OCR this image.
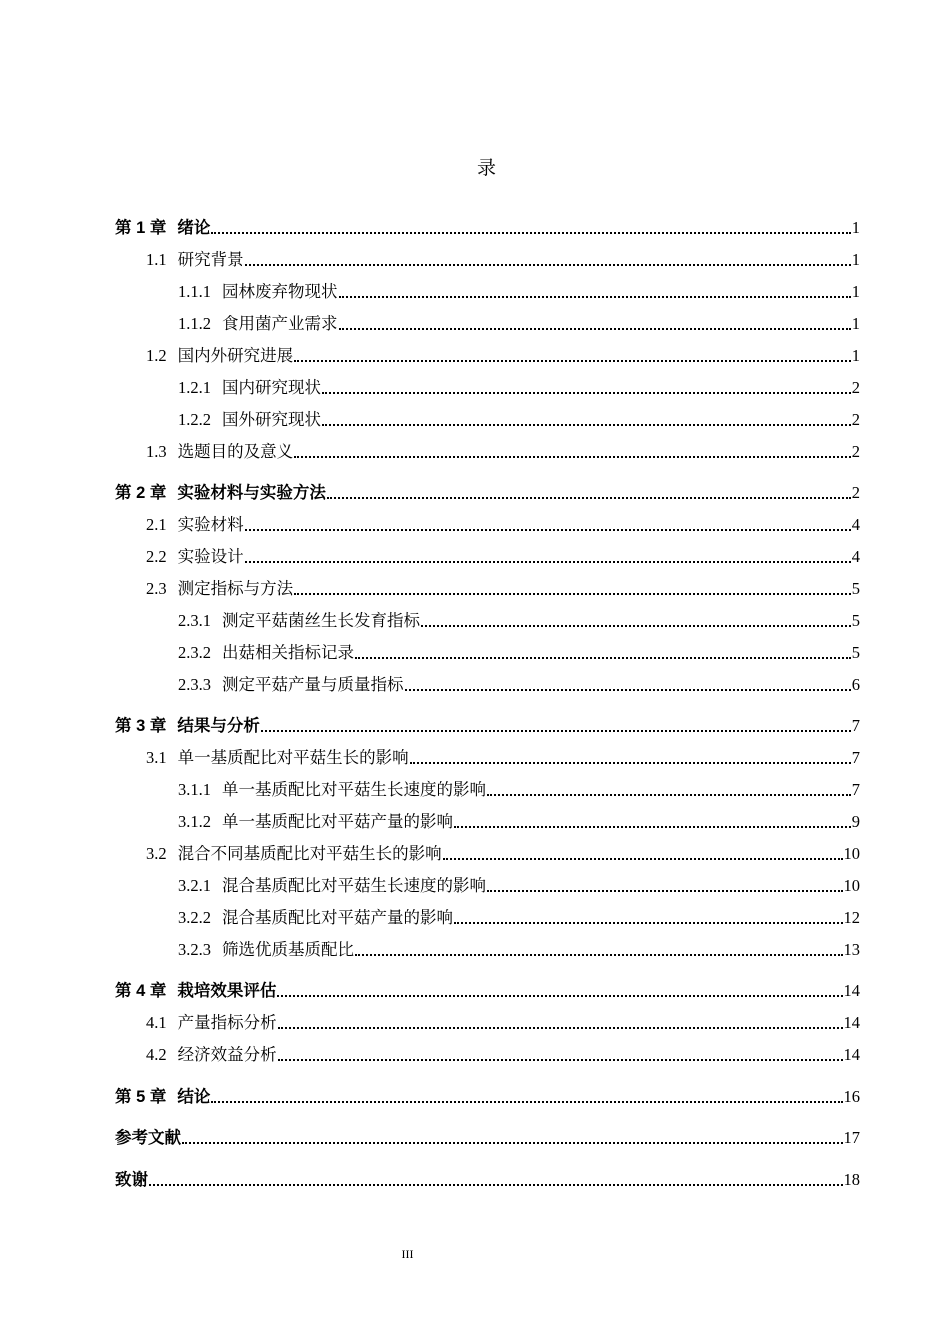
录
第 1 章 绪论	1
1.1 研究背景	1
1.1.1 园林废弃物现状	1
1.1.2 食用菌产业需求	1
1.2 国内外研究进展	1
1.2.1 国内研究现状	2
1.2.2 国外研究现状	2
1.3 选题目的及意义	2
第 2 章 实验材料与实验方法	2
2.1 实验材料	4
2.2 实验设计	4
2.3 测定指标与方法	5
2.3.1 测定平菇菌丝生长发育指标	5
2.3.2 出菇相关指标记录	5
2.3.3 测定平菇产量与质量指标	6
第 3 章 结果与分析	7
3.1 单一基质配比对平菇生长的影响	7
3.1.1 单一基质配比对平菇生长速度的影响	7
3.1.2 单一基质配比对平菇产量的影响	9
3.2 混合不同基质配比对平菇生长的影响	10
3.2.1 混合基质配比对平菇生长速度的影响	10
3.2.2 混合基质配比对平菇产量的影响	12
3.2.3 筛选优质基质配比	13
第 4 章 栽培效果评估	14
4.1 产量指标分析	14
4.2 经济效益分析	14
第 5 章 结论	16
参考文献	17
致谢	18
III
